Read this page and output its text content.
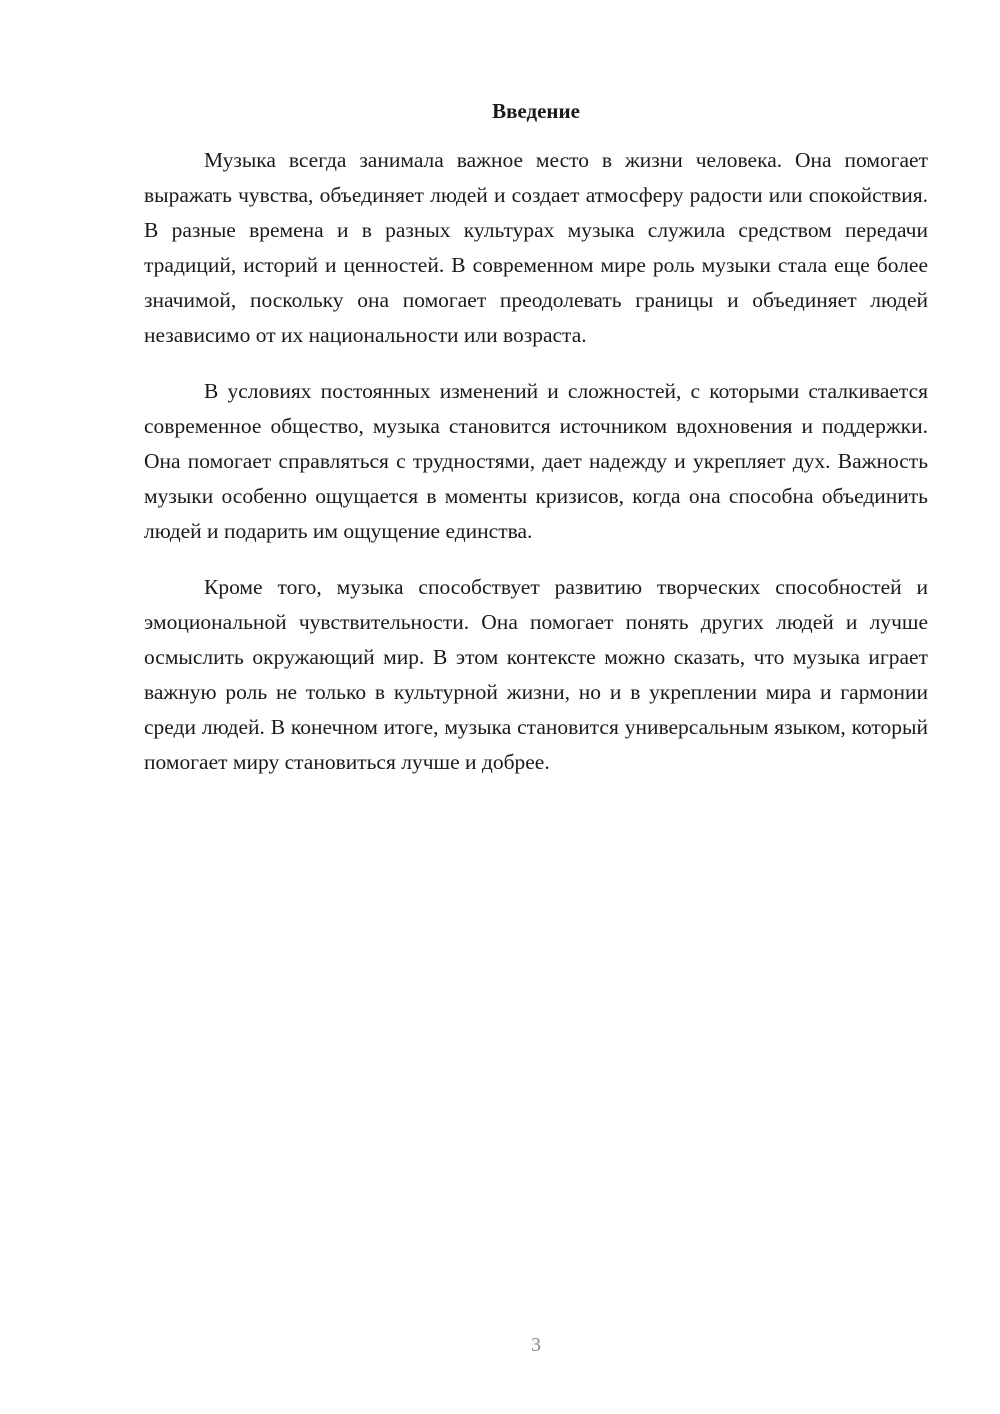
Введение

Музыка всегда занимала важное место в жизни человека. Она помогает выражать чувства, объединяет людей и создает атмосферу радости или спокойствия. В разные времена и в разных культурах музыка служила средством передачи традиций, историй и ценностей. В современном мире роль музыки стала еще более значимой, поскольку она помогает преодолевать границы и объединяет людей независимо от их национальности или возраста.

В условиях постоянных изменений и сложностей, с которыми сталкивается современное общество, музыка становится источником вдохновения и поддержки. Она помогает справляться с трудностями, дает надежду и укрепляет дух. Важность музыки особенно ощущается в моменты кризисов, когда она способна объединить людей и подарить им ощущение единства.

Кроме того, музыка способствует развитию творческих способностей и эмоциональной чувствительности. Она помогает понять других людей и лучше осмыслить окружающий мир. В этом контексте можно сказать, что музыка играет важную роль не только в культурной жизни, но и в укреплении мира и гармонии среди людей. В конечном итоге, музыка становится универсальным языком, который помогает миру становиться лучше и добрее.

3
